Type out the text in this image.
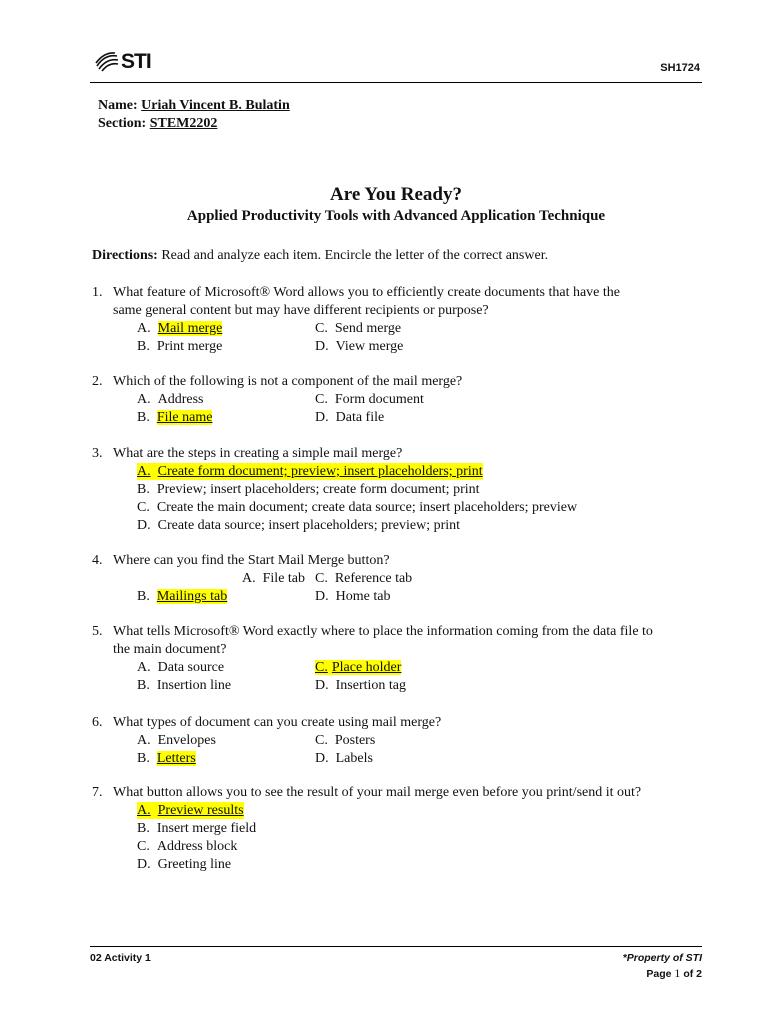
STI	SH1724
Name: Uriah Vincent B. Bulatin
Section: STEM2202
Are You Ready?
Applied Productivity Tools with Advanced Application Technique
Directions: Read and analyze each item. Encircle the letter of the correct answer.
1. What feature of Microsoft® Word allows you to efficiently create documents that have the
same general content but may have different recipients or purpose?
A. Mail merge	C. Send merge
B. Print merge	D. View merge
2. Which of the following is not a component of the mail merge?
A. Address	C. Form document
B. File name	D. Data file
3. What are the steps in creating a simple mail merge?
A. Create form document; preview; insert placeholders; print
B. Preview; insert placeholders; create form document; print
C. Create the main document; create data source; insert placeholders; preview
D. Create data source; insert placeholders; preview; print
4. Where can you find the Start Mail Merge button?
A. File tab C. Reference tab
B. Mailings tab	D. Home tab
5. What tells Microsoft® Word exactly where to place the information coming from the data file to
the main document?
A. Data source	C. Place holder
B. Insertion line	D. Insertion tag
6. What types of document can you create using mail merge?
A. Envelopes	C. Posters
B. Letters	D. Labels
7. What button allows you to see the result of your mail merge even before you print/send it out?
A. Preview results
B. Insert merge field
C. Address block
D. Greeting line
02 Activity 1	*Property of STI
Page 1 of 2
